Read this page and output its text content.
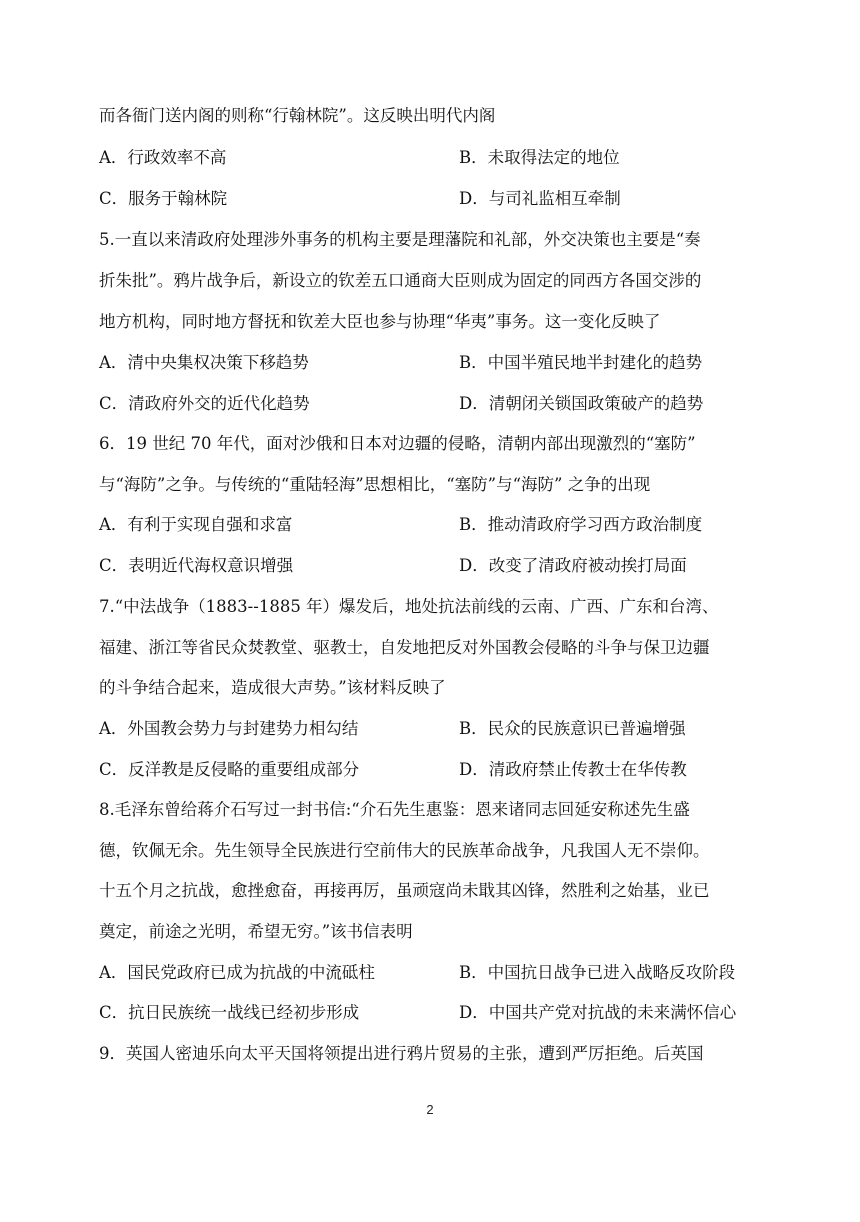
而各衙门送内阁的则称“行翰林院”。这反映出明代内阁
A．行政效率不高	B．未取得法定的地位
C．服务于翰林院	D．与司礼监相互牵制
5.一直以来清政府处理涉外事务的机构主要是理藩院和礼部，外交决策也主要是“奏
折朱批”。鸦片战争后，新设立的钦差五口通商大臣则成为固定的同西方各国交涉的
地方机构，同时地方督抚和钦差大臣也参与协理“华夷”事务。这一变化反映了
A．清中央集权决策下移趋势	B．中国半殖民地半封建化的趋势
C．清政府外交的近代化趋势	D．清朝闭关锁国政策破产的趋势
6．19 世纪 70 年代，面对沙俄和日本对边疆的侵略，清朝内部出现激烈的“塞防”
与“海防”之争。与传统的“重陆轻海”思想相比，“塞防”与“海防” 之争的出现
A．有利于实现自强和求富	B．推动清政府学习西方政治制度
C．表明近代海权意识增强	D．改变了清政府被动挨打局面
7.“中法战争（1883--1885 年）爆发后，地处抗法前线的云南、广西、广东和台湾、
福建、浙江等省民众焚教堂、驱教士，自发地把反对外国教会侵略的斗争与保卫边疆
的斗争结合起来，造成很大声势。”该材料反映了
A．外国教会势力与封建势力相勾结	B．民众的民族意识已普遍增强
C．反洋教是反侵略的重要组成部分	D．清政府禁止传教士在华传教
8.毛泽东曾给蒋介石写过一封书信:“介石先生惠鉴：恩来诸同志回延安称述先生盛
德，钦佩无余。先生领导全民族进行空前伟大的民族革命战争，凡我国人无不崇仰。
十五个月之抗战，愈挫愈奋，再接再厉，虽顽寇尚未戢其凶锋，然胜利之始基，业已
奠定，前途之光明，希望无穷。”该书信表明
A．国民党政府已成为抗战的中流砥柱	B．中国抗日战争已进入战略反攻阶段
C．抗日民族统一战线已经初步形成	D．中国共产党对抗战的未来满怀信心
9．英国人密迪乐向太平天国将领提出进行鸦片贸易的主张，遭到严厉拒绝。后英国
2
